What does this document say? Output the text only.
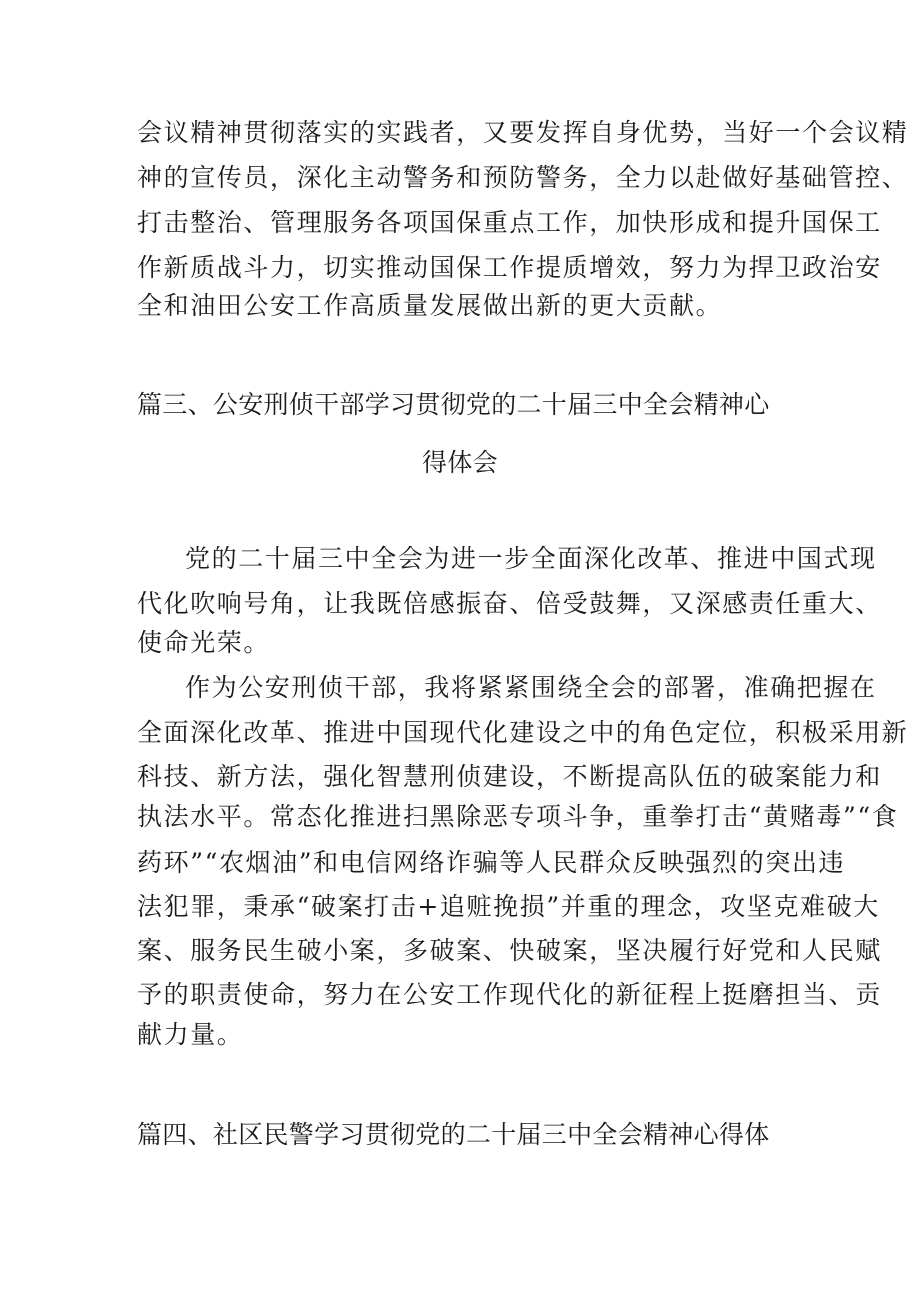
会议精神贯彻落实的实践者，又要发挥自身优势，当好一个会议精
神的宣传员，深化主动警务和预防警务，全力以赴做好基础管控、
打击整治、管理服务各项国保重点工作，加快形成和提升国保工
作新质战斗力，切实推动国保工作提质增效，努力为捍卫政治安
全和油田公安工作高质量发展做出新的更大贡献。
篇三、公安刑侦干部学习贯彻党的二十届三中全会精神心
得体会
党的二十届三中全会为进一步全面深化改革、推进中国式现
代化吹响号角，让我既倍感振奋、倍受鼓舞，又深感责任重大、
使命光荣。
作为公安刑侦干部，我将紧紧围绕全会的部署，准确把握在
全面深化改革、推进中国现代化建设之中的角色定位，积极采用新
科技、新方法，强化智慧刑侦建设，不断提高队伍的破案能力和
执法水平。常态化推进扫黑除恶专项斗争，重拳打击“黄赌毒”“食
药环”“农烟油”和电信网络诈骗等人民群众反映强烈的突出违
法犯罪，秉承“破案打击+追赃挽损”并重的理念，攻坚克难破大
案、服务民生破小案，多破案、快破案，坚决履行好党和人民赋
予的职责使命，努力在公安工作现代化的新征程上挺磨担当、贡
献力量。
篇四、社区民警学习贯彻党的二十届三中全会精神心得体
